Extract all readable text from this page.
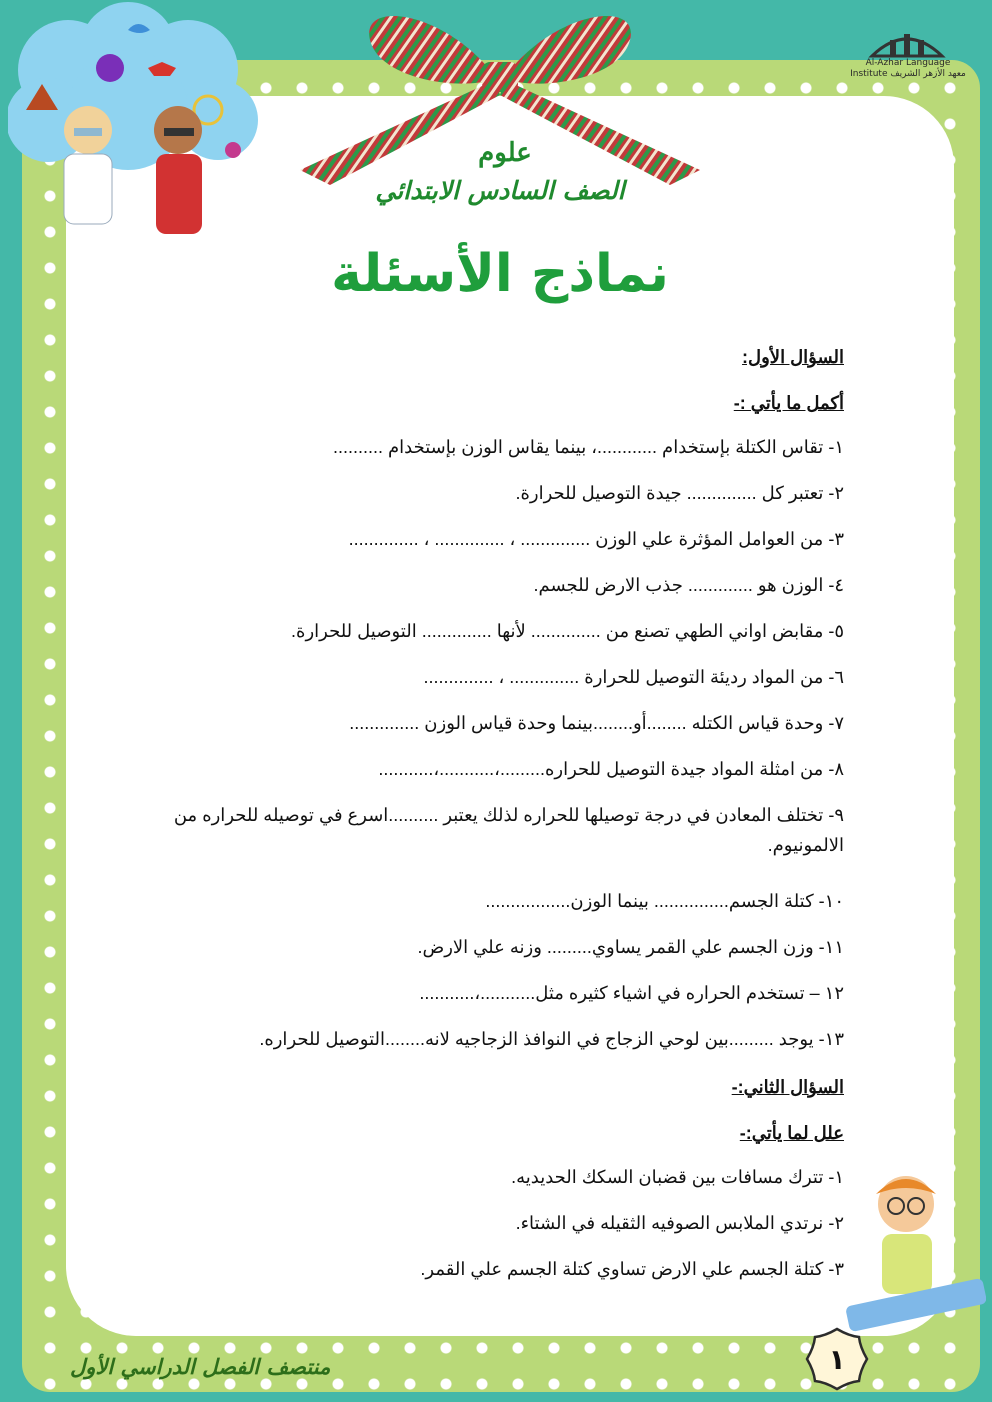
علوم
الصف السادس الابتدائي
نماذج الأسئلة
Al-Azhar Language Institute معهد الأزهر الشريف

السؤال الأول:

أكمل ما يأتي :-

١- تقاس الكتلة بإستخدام ............، بينما يقاس الوزن بإستخدام ..........

٢- تعتبر كل .............. جيدة التوصيل للحرارة.

٣- من العوامل المؤثرة علي الوزن .............. ، .............. ، ..............

٤- الوزن هو ............. جذب الارض للجسم.

٥- مقابض اواني الطهي تصنع من .............. لأنها .............. التوصيل للحرارة.

٦- من المواد رديئة التوصيل للحرارة .............. ، ..............

٧- وحدة قياس الكتله ........أو........بينما وحدة قياس الوزن ..............

٨- من امثلة المواد جيدة التوصيل للحراره.........،...........،...........

٩- تختلف المعادن في درجة توصيلها للحراره لذلك يعتبر ..........اسرع في توصيله للحراره من الالمونيوم.

١٠- كتلة الجسم............... بينما الوزن.................

١١- وزن الجسم علي القمر يساوي......... وزنه علي الارض.

١٢ – تستخدم الحراره في اشياء كثيره مثل...........،...........

١٣- يوجد .........بين لوحي الزجاج في النوافذ الزجاجيه لانه........التوصيل للحراره.

السؤال الثاني:-

علل لما يأتي:-

١- تترك مسافات بين قضبان السكك الحديديه.

٢- نرتدي الملابس الصوفيه الثقيله في الشتاء.

٣- كتلة الجسم علي الارض تساوي كتلة الجسم علي القمر.

منتصف الفصل الدراسي الأول	١
